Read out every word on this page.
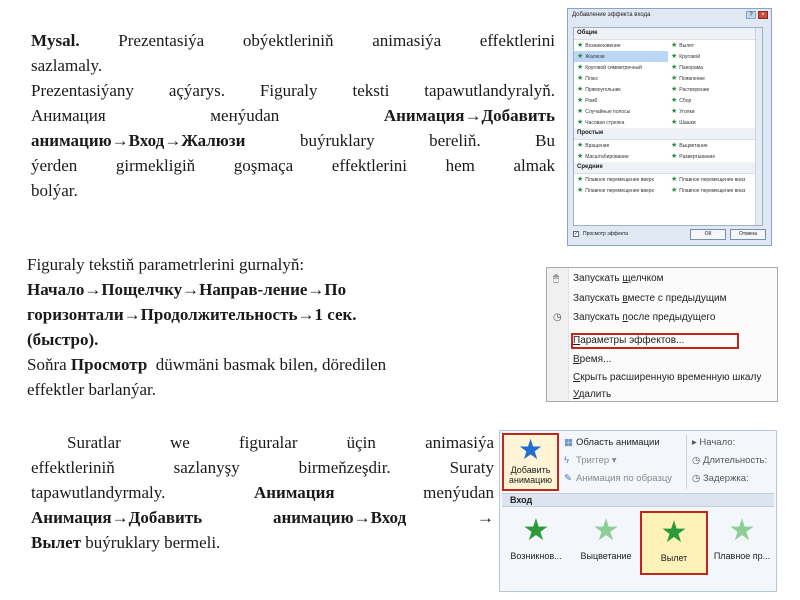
Mysal. Prezentasiýa obýektleriniň animasiýa effektlerini
sazlamaly.
Prezentasiýany açýarys. Figuraly teksti tapawutlandyralyň.
Анимация менýudan Анимация→Добавить
анимацию→Вход→Жалюзи buýruklary bereliň. Bu
ýerden girmekligiň goşmaça effektlerini hem almak
bolýar.
Добавление эффекта входа	?	×
Общие
★ Возникновение	★ Вылет
★ Жалюзи	★ Круговой
★ Круговой симметричный	★ Панорама
★ Плюс	★ Появление
★ Прямоугольник	★ Растворение
★ Ромб	★ Сбор
★ Случайные полосы	★ Уголки
★ Часовая стрелка	★ Шашки
Простые
★ Вращение	★ Выцветание
★ Масштабирование	★ Развертывание
Средние
★ Плавное перемещение вверх	★ Плавное перемещение вниз
★ Плавное перемещение вверх	★ Плавное перемещение вниз
✓ Просмотр эффекта	ОК	Отмена
Figuraly tekstiň parametrlerini gurnalyň:
Начало→Пощелчку→Направ-ление→По
горизонтали→Продолжительность→1 сек.
(быстро).
Soňra Просмотр  düwmäni basmak bilen, döredilen
effektler barlanýar.
🖱 Запускать щелчком
Запускать вместе с предыдущим
◷ Запускать после предыдущего
Параметры эффектов...
Время...
Скрыть расширенную временную шкалу
Удалить
Suratlar we figuralar üçin animasiýa
effektleriniň sazlanyşy birmeňzeşdir. Suraty
tapawutlandyrmaly. Анимация menýudan
Анимация→Добавить анимацию→Вход →
Вылет buýruklary bermeli.
★
Добавить анимацию
▦ Область анимации
ϟ Триггер ▾
✎ Анимация по образцу
▸ Начало:
◷ Длительность:
◷ Задержка:
Вход
★
Возникнов...
★
Выцветание
★
Вылет
★
Плавное пр...
